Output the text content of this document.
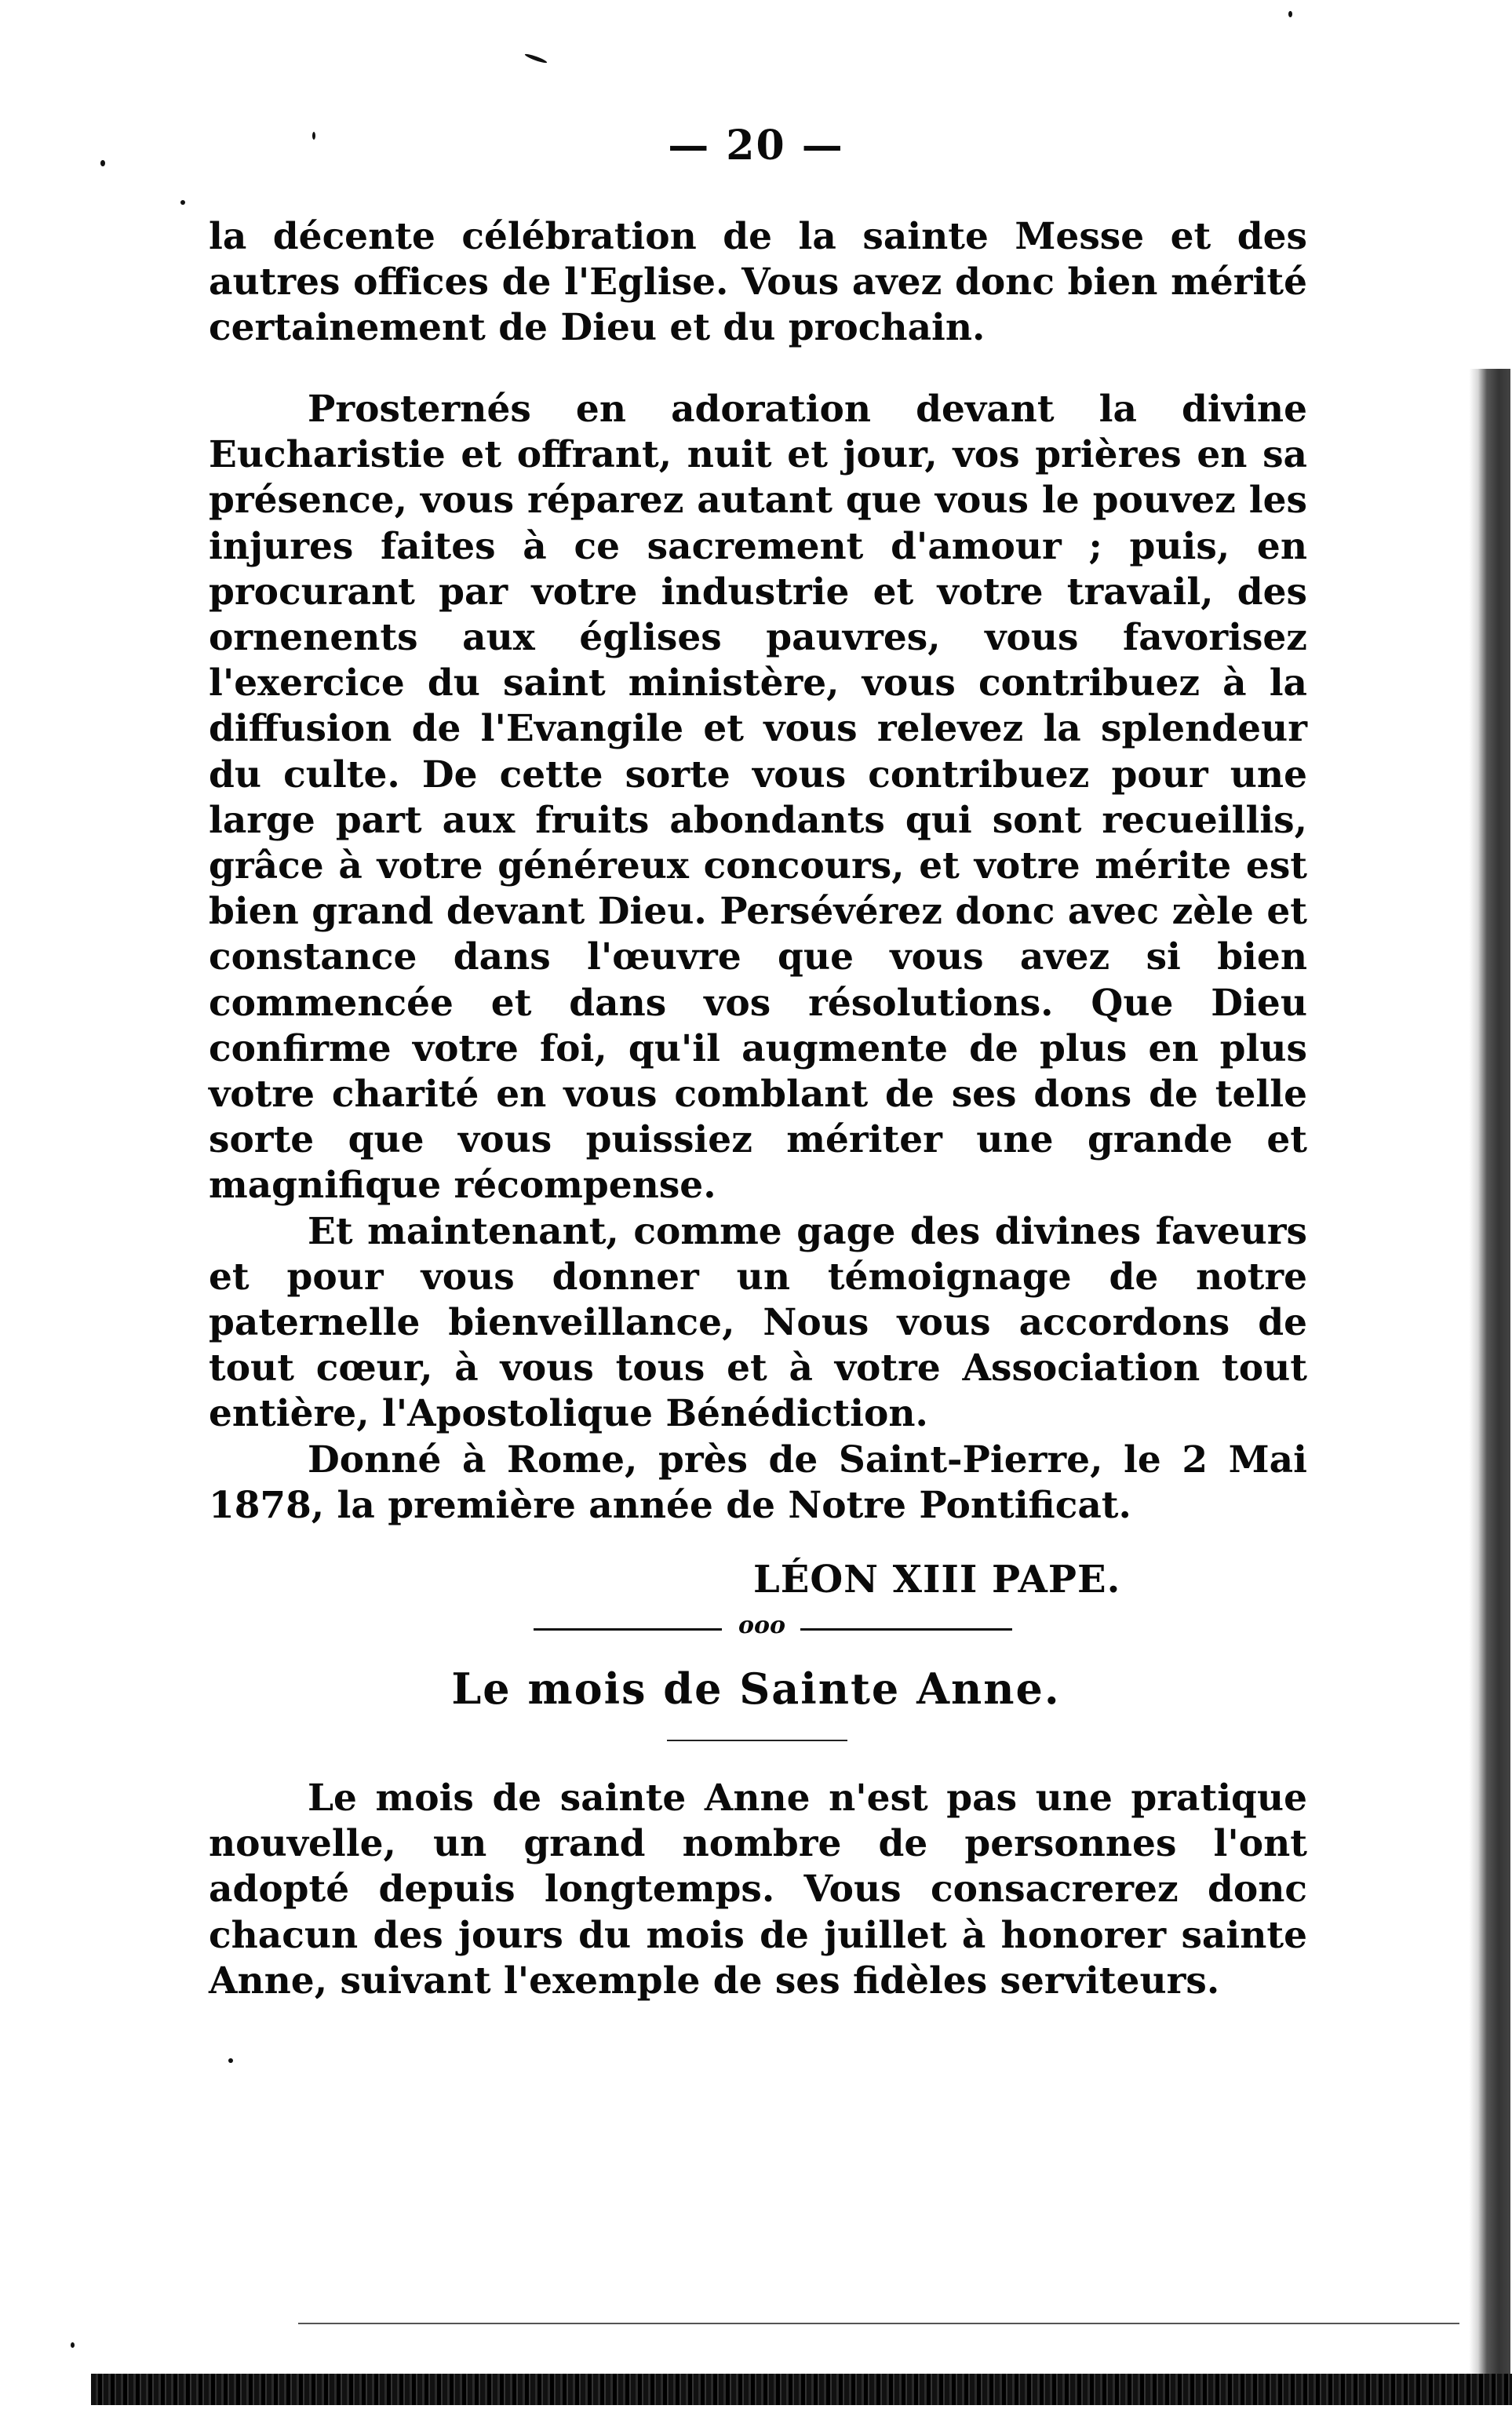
— 20 —

la décente célébration de la sainte Messe et des autres offices de l'Eglise. Vous avez donc bien mérité certainement de Dieu et du prochain.

Prosternés en adoration devant la divine Eucharistie et offrant, nuit et jour, vos prières en sa présence, vous réparez autant que vous le pouvez les injures faites à ce sacrement d'amour ; puis, en procurant par votre industrie et votre travail, des ornenents aux églises pauvres, vous favorisez l'exercice du saint ministère, vous contribuez à la diffusion de l'Evangile et vous relevez la splendeur du culte. De cette sorte vous contribuez pour une large part aux fruits abondants qui sont recueillis, grâce à votre généreux concours, et votre mérite est bien grand devant Dieu. Persévérez donc avec zèle et constance dans l'œuvre que vous avez si bien commencée et dans vos résolutions. Que Dieu confirme votre foi, qu'il augmente de plus en plus votre charité en vous comblant de ses dons de telle sorte que vous puissiez mériter une grande et magnifique récompense.

Et maintenant, comme gage des divines faveurs et pour vous donner un témoignage de notre paternelle bienveillance, Nous vous accordons de tout cœur, à vous tous et à votre Association tout entière, l'Apostolique Bénédiction.

Donné à Rome, près de Saint-Pierre, le 2 Mai 1878, la première année de Notre Pontificat.

LÉON XIII PAPE.
ooo
Le mois de Sainte Anne.

Le mois de sainte Anne n'est pas une pratique nouvelle, un grand nombre de personnes l'ont adopté depuis longtemps. Vous consacrerez donc chacun des jours du mois de juillet à honorer sainte Anne, suivant l'exemple de ses fidèles serviteurs.
